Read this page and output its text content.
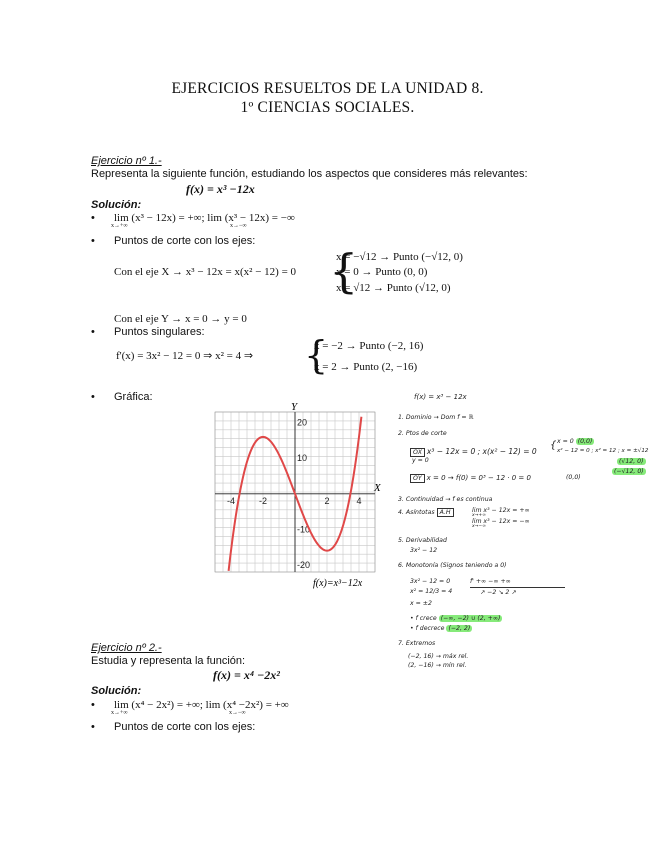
EJERCICIOS RESUELTOS DE LA UNIDAD 8.
1º CIENCIAS SOCIALES.
Ejercicio nº 1.-
Representa la siguiente función, estudiando los aspectos que consideres más relevantes:
f(x) = x³ −12x
Solución:
• lim (x³ − 12x) = +∞; lim (x³ − 12x) = −∞
x→+∞	x→−∞
• Puntos de corte con los ejes:
Con el eje X → x³ − 12x = x(x² − 12) = 0 {
x = −√12 → Punto (−√12, 0)
x = 0 → Punto (0, 0)
x = √12 → Punto (√12, 0)
Con el eje Y → x = 0 → y = 0
• Puntos singulares:
f'(x) = 3x² − 12 = 0 ⇒ x² = 4 ⇒ {
x = −2 → Punto (−2, 16)
x = 2 → Punto (2, −16)
• Gráfica:
-4	-2	2	4
-20
-10
10
20
X
Y
f(x)=x³−12x
f(x) = x³ − 12x
1. Dominio → Dom f = ℝ
2. Ptos de corte
OX x³ − 12x = 0 ; x(x² − 12) = 0
y = 0
{ x = 0 (0,0)
x² − 12 = 0 ; x² = 12 ; x = ±√12
(√12, 0)
(−√12, 0)
OY x = 0 → f(0) = 0³ − 12 · 0 = 0	(0,0)
3. Continuidad → f es continua
4. Asíntotas A.H	lim x³ − 12x = +∞
x→+∞
lim x³ − 12x = −∞
x→−∞
5. Derivabilidad
3x² − 12
6. Monotonía (Signos teniendo a 0)
3x² − 12 = 0
x² = 12/3 = 4
x = ±2
f' +∞ −∞ +∞
↗ −2 ↘ 2 ↗
• f crece (−∞, −2) ∪ (2, +∞)
• f decrece (−2, 2)
7. Extremos
(−2, 16) → máx rel.
(2, −16) → mín rel.
Ejercicio nº 2.-
Estudia y representa la función:
f(x) = x⁴ −2x²
Solución:
• lim (x⁴ − 2x²) = +∞; lim (x⁴ −2x²) = +∞
x→+∞	x→−∞
• Puntos de corte con los ejes:
